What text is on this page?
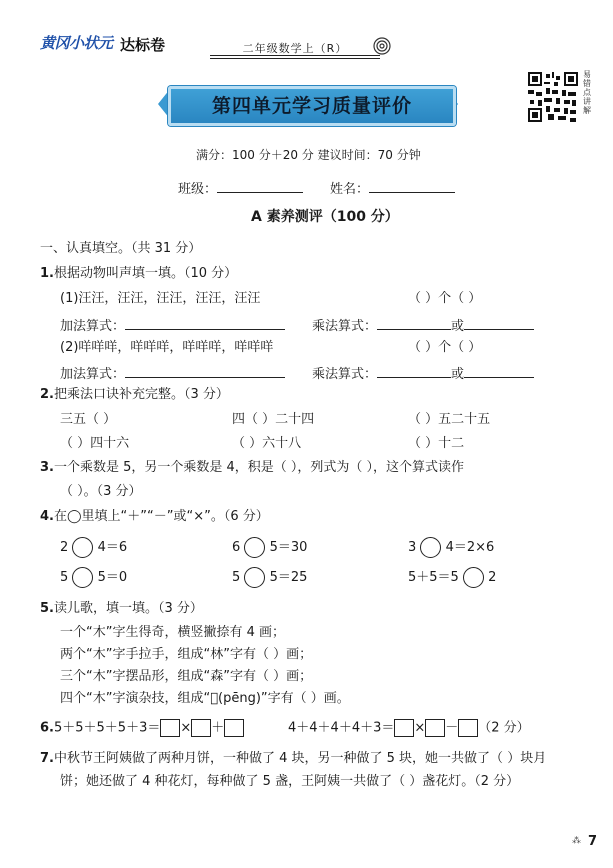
黄冈小状元 达标卷	二年级数学上（R）
第四单元学习质量评价
易错点讲解
满分：100 分＋20 分 建议时间：70 分钟
班级：	姓名：
A 素养测评（100 分）
一、认真填空。（共 31 分）
1.根据动物叫声填一填。（10 分）
(1)汪汪，汪汪，汪汪，汪汪，汪汪	（ ）个（ ）
加法算式：	乘法算式：	或
(2)咩咩咩，咩咩咩，咩咩咩，咩咩咩	（ ）个（ ）
加法算式：	乘法算式：	或
2.把乘法口诀补充完整。（3 分）
三五（ ）	四（ ）二十四	（ ）五二十五
（ ）四十六	（ ）六十八	（ ）十二
3.一个乘数是 5，另一个乘数是 4，积是（ ），列式为（ ），这个算式读作
（ ）。（3 分）
4.在◯里填上“＋”“－”或“×”。（6 分）
2 4＝6	6 5＝30	3 4＝2×6
5 5＝0	5 5＝25	5＋5＝5 2
5.读儿歌，填一填。（3 分）
一个“木”字生得奇，横竖撇捺有 4 画；
两个“木”字手拉手，组成“林”字有（ ）画；
三个“木”字摆品形，组成“森”字有（ ）画；
四个“木”字演杂技，组成“𣛧(pēng)”字有（ ）画。
6.5＋5＋5＋5＋3＝ × ＋	4＋4＋4＋4＋3＝ × － （2 分）
7.中秋节王阿姨做了两种月饼，一种做了 4 块，另一种做了 5 块，她一共做了（ ）块月
饼；她还做了 4 种花灯，每种做了 5 盏，王阿姨一共做了（ ）盏花灯。（2 分）
⁂ 7
